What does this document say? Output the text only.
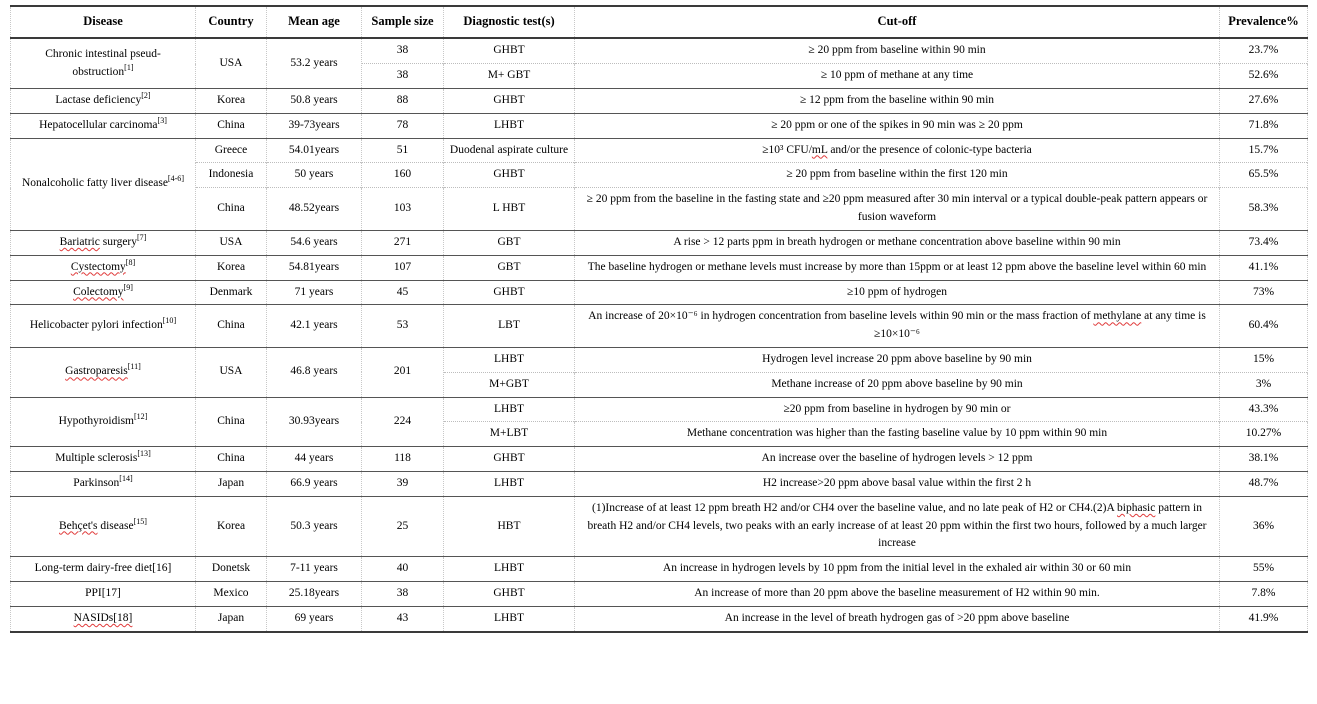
Disease	Country	Mean age	Sample size	Diagnostic test(s)	Cut-off	Prevalence%
Chronic intestinal pseud-obstruction[1]	USA	53.2 years	38	GHBT	≥ 20 ppm from baseline within 90 min	23.7%
			38	M+ GBT	≥ 10 ppm of methane at any time	52.6%
Lactase deficiency[2]	Korea	50.8 years	88	GHBT	≥ 12 ppm from the baseline within 90 min	27.6%
Hepatocellular carcinoma[3]	China	39-73years	78	LHBT	≥ 20 ppm or one of the spikes in 90 min was ≥ 20 ppm	71.8%
Nonalcoholic fatty liver disease[4-6]	Greece	54.01years	51	Duodenal aspirate culture	≥10³ CFU/mL and/or the presence of colonic-type bacteria	15.7%
	Indonesia	50 years	160	GHBT	≥ 20 ppm from baseline within the first 120 min	65.5%
	China	48.52years	103	L HBT	≥ 20 ppm from the baseline in the fasting state and ≥20 ppm measured after 30 min interval or a typical double-peak pattern appears or fusion waveform	58.3%
Bariatric surgery[7]	USA	54.6 years	271	GBT	A rise > 12 parts ppm in breath hydrogen or methane concentration above baseline within 90 min	73.4%
Cystectomy[8]	Korea	54.81years	107	GBT	The baseline hydrogen or methane levels must increase by more than 15ppm or at least 12 ppm above the baseline level within 60 min	41.1%
Colectomy[9]	Denmark	71 years	45	GHBT	≥10 ppm of hydrogen	73%
Helicobacter pylori infection[10]	China	42.1 years	53	LBT	An increase of 20×10⁻⁶ in hydrogen concentration from baseline levels within 90 min or the mass fraction of methylane at any time is ≥10×10⁻⁶	60.4%
Gastroparesis[11]	USA	46.8 years	201	LHBT	Hydrogen level increase 20 ppm above baseline by 90 min	15%
				M+GBT	Methane increase of 20 ppm above baseline by 90 min	3%
Hypothyroidism[12]	China	30.93years	224	LHBT	≥20 ppm from baseline in hydrogen by 90 min or	43.3%
				M+LBT	Methane concentration was higher than the fasting baseline value by 10 ppm within 90 min	10.27%
Multiple sclerosis[13]	China	44 years	118	GHBT	An increase over the baseline of hydrogen levels > 12 ppm	38.1%
Parkinson[14]	Japan	66.9 years	39	LHBT	H2 increase>20 ppm above basal value within the first 2 h	48.7%
Behçet's disease[15]	Korea	50.3 years	25	HBT	(1)Increase of at least 12 ppm breath H2 and/or CH4 over the baseline value, and no late peak of H2 or CH4.(2)A biphasic pattern in breath H2 and/or CH4 levels, two peaks with an early increase of at least 20 ppm within the first two hours, followed by a much larger increase	36%
Long-term dairy-free diet[16]	Donetsk	7-11 years	40	LHBT	An increase in hydrogen levels by 10 ppm from the initial level in the exhaled air within 30 or 60 min	55%
PPI[17]	Mexico	25.18years	38	GHBT	An increase of more than 20 ppm above the baseline measurement of H2 within 90 min.	7.8%
NASIDs[18]	Japan	69 years	43	LHBT	An increase in the level of breath hydrogen gas of >20 ppm above baseline	41.9%
